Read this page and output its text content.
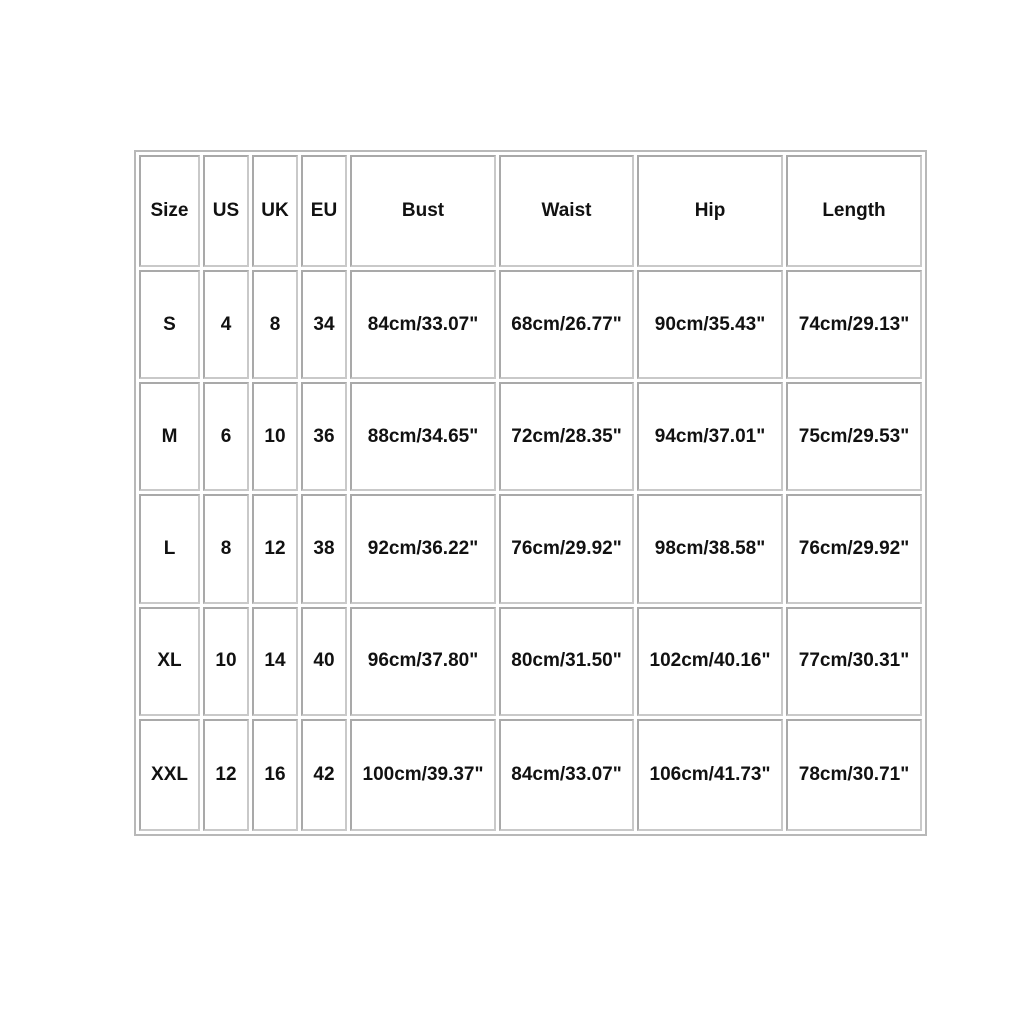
Size	US	UK	EU	Bust	Waist	Hip	Length
S	4	8	34	84cm/33.07"	68cm/26.77"	90cm/35.43"	74cm/29.13"
M	6	10	36	88cm/34.65"	72cm/28.35"	94cm/37.01"	75cm/29.53"
L	8	12	38	92cm/36.22"	76cm/29.92"	98cm/38.58"	76cm/29.92"
XL	10	14	40	96cm/37.80"	80cm/31.50"	102cm/40.16"	77cm/30.31"
XXL	12	16	42	100cm/39.37"	84cm/33.07"	106cm/41.73"	78cm/30.71"
